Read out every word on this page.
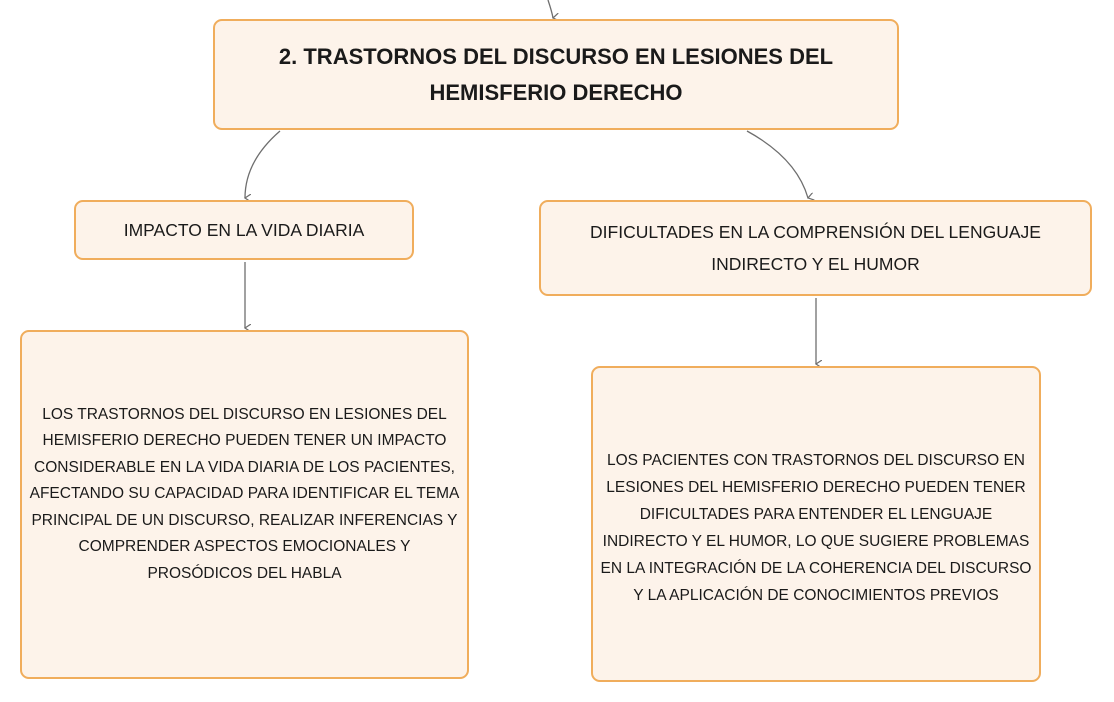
2. TRASTORNOS DEL DISCURSO EN LESIONES DEL HEMISFERIO DERECHO
IMPACTO EN LA VIDA DIARIA	DIFICULTADES EN LA COMPRENSIÓN DEL LENGUAJE INDIRECTO Y EL HUMOR
LOS TRASTORNOS DEL DISCURSO EN LESIONES DEL HEMISFERIO DERECHO PUEDEN TENER UN IMPACTO CONSIDERABLE EN LA VIDA DIARIA DE LOS PACIENTES, AFECTANDO SU CAPACIDAD PARA IDENTIFICAR EL TEMA PRINCIPAL DE UN DISCURSO, REALIZAR INFERENCIAS Y COMPRENDER ASPECTOS EMOCIONALES Y PROSÓDICOS DEL HABLA
LOS PACIENTES CON TRASTORNOS DEL DISCURSO EN LESIONES DEL HEMISFERIO DERECHO PUEDEN TENER DIFICULTADES PARA ENTENDER EL LENGUAJE INDIRECTO Y EL HUMOR, LO QUE SUGIERE PROBLEMAS EN LA INTEGRACIÓN DE LA COHERENCIA DEL DISCURSO Y LA APLICACIÓN DE CONOCIMIENTOS PREVIOS
